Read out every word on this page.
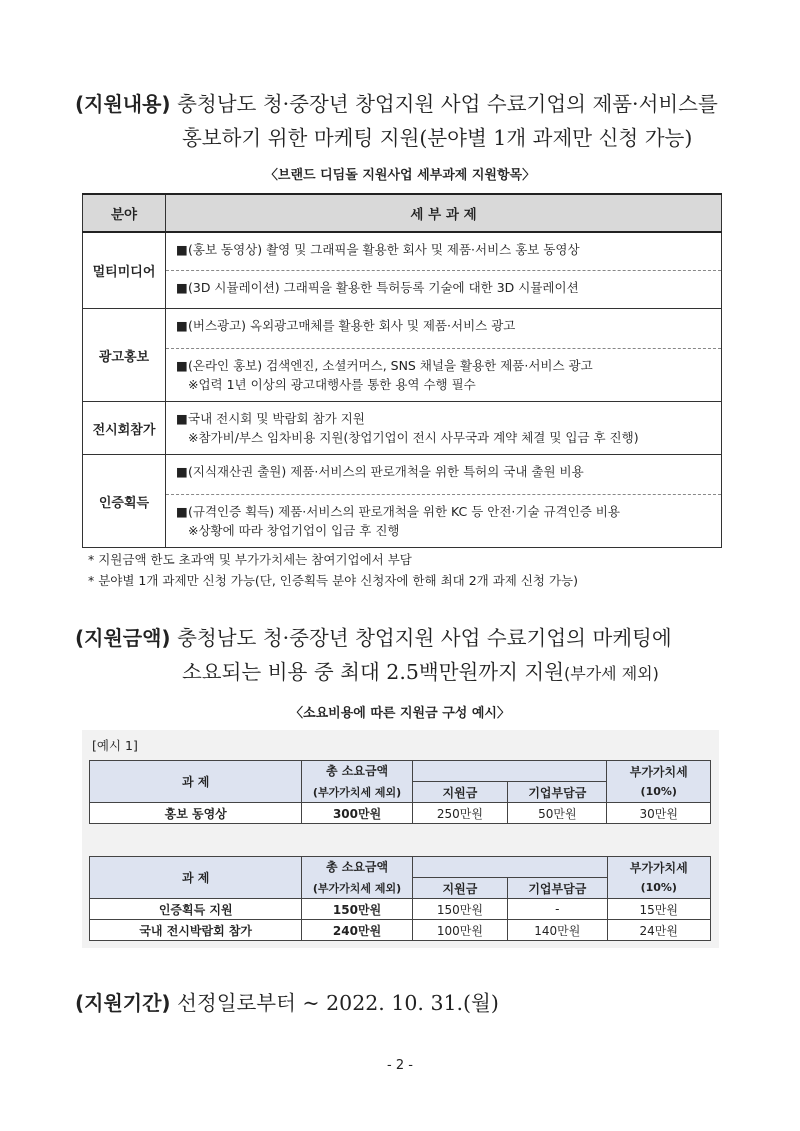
(지원내용) 충청남도 청·중장년 창업지원 사업 수료기업의 제품·서비스를
홍보하기 위한 마케팅 지원(분야별 1개 과제만 신청 가능)
〈브랜드 디딤돌 지원사업 세부과제 지원항목〉
분야	세 부 과 제
멀티미디어	■(홍보 동영상) 촬영 및 그래픽을 활용한 회사 및 제품·서비스 홍보 동영상
■(3D 시뮬레이션) 그래픽을 활용한 특허등록 기술에 대한 3D 시뮬레이션

광고홍보	■(버스광고) 옥외광고매체를 활용한 회사 및 제품·서비스 광고
■(온라인 홍보) 검색엔진, 소셜커머스, SNS 채널을 활용한 제품·서비스 광고
※업력 1년 이상의 광고대행사를 통한 용역 수행 필수

전시회참가	■국내 전시회 및 박람회 참가 지원
※참가비/부스 임차비용 지원(창업기업이 전시 사무국과 계약 체결 및 입금 후 진행)

인증획득	■(지식재산권 출원) 제품·서비스의 판로개척을 위한 특허의 국내 출원 비용
■(규격인증 획득) 제품·서비스의 판로개척을 위한 KC 등 안전·기술 규격인증 비용
※상황에 따라 창업기업이 입금 후 진행
* 지원금액 한도 초과액 및 부가가치세는 참여기업에서 부담
* 분야별 1개 과제만 신청 가능(단, 인증획득 분야 신청자에 한해 최대 2개 과제 신청 가능)
(지원금액) 충청남도 청·중장년 창업지원 사업 수료기업의 마케팅에
소요되는 비용 중 최대 2.5백만원까지 지원(부가세 제외)
〈소요비용에 따른 지원금 구성 예시〉
[예시 1]
과 제	총 소요금액			부가가치세
	(부가가치세 제외)	지원금	기업부담금	(10%)
홍보 동영상	300만원	250만원	50만원	30만원
과 제	총 소요금액			부가가치세
	(부가가치세 제외)	지원금	기업부담금	(10%)
인증획득 지원	150만원	150만원	-	15만원
국내 전시박람회 참가	240만원	100만원	140만원	24만원
(지원기간) 선정일로부터 ~ 2022. 10. 31.(월)
- 2 -
